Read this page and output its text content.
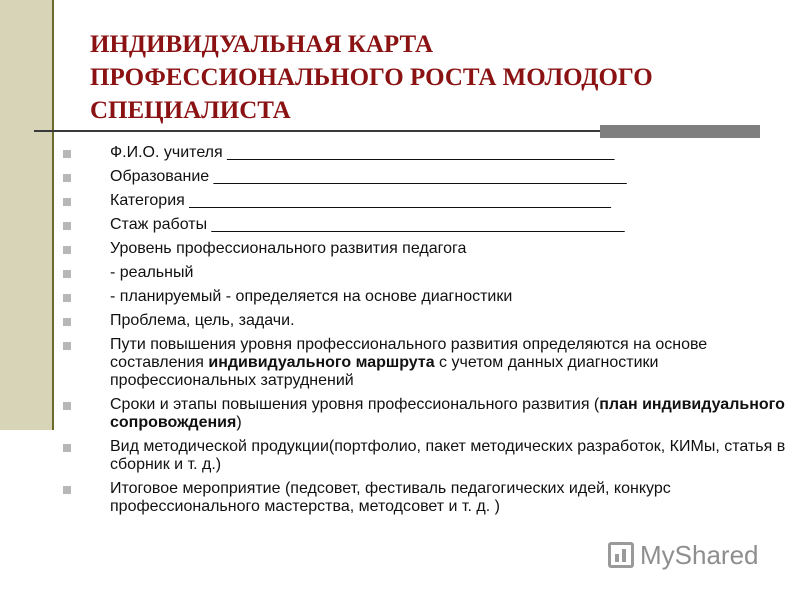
ИНДИВИДУАЛЬНАЯ КАРТА
ПРОФЕССИОНАЛЬНОГО РОСТА МОЛОДОГО
СПЕЦИАЛИСТА
Ф.И.О. учителя _____________________________________________
Образование ________________________________________________
Категория _________________________________________________
Стаж работы ________________________________________________
Уровень профессионального развития педагога
- реальный
- планируемый - определяется на основе диагностики
Проблема, цель, задачи.
Пути повышения уровня профессионального развития определяются на основе составления индивидуального маршрута с учетом данных диагностики профессиональных затруднений
Сроки и этапы повышения уровня профессионального развития (план индивидуального сопровождения)
Вид методической продукции(портфолио, пакет методических разработок, КИМы, статья в сборник и т. д.)
Итоговое мероприятие (педсовет, фестиваль педагогических идей, конкурс профессионального мастерства, методсовет и т. д. )
MyShared
